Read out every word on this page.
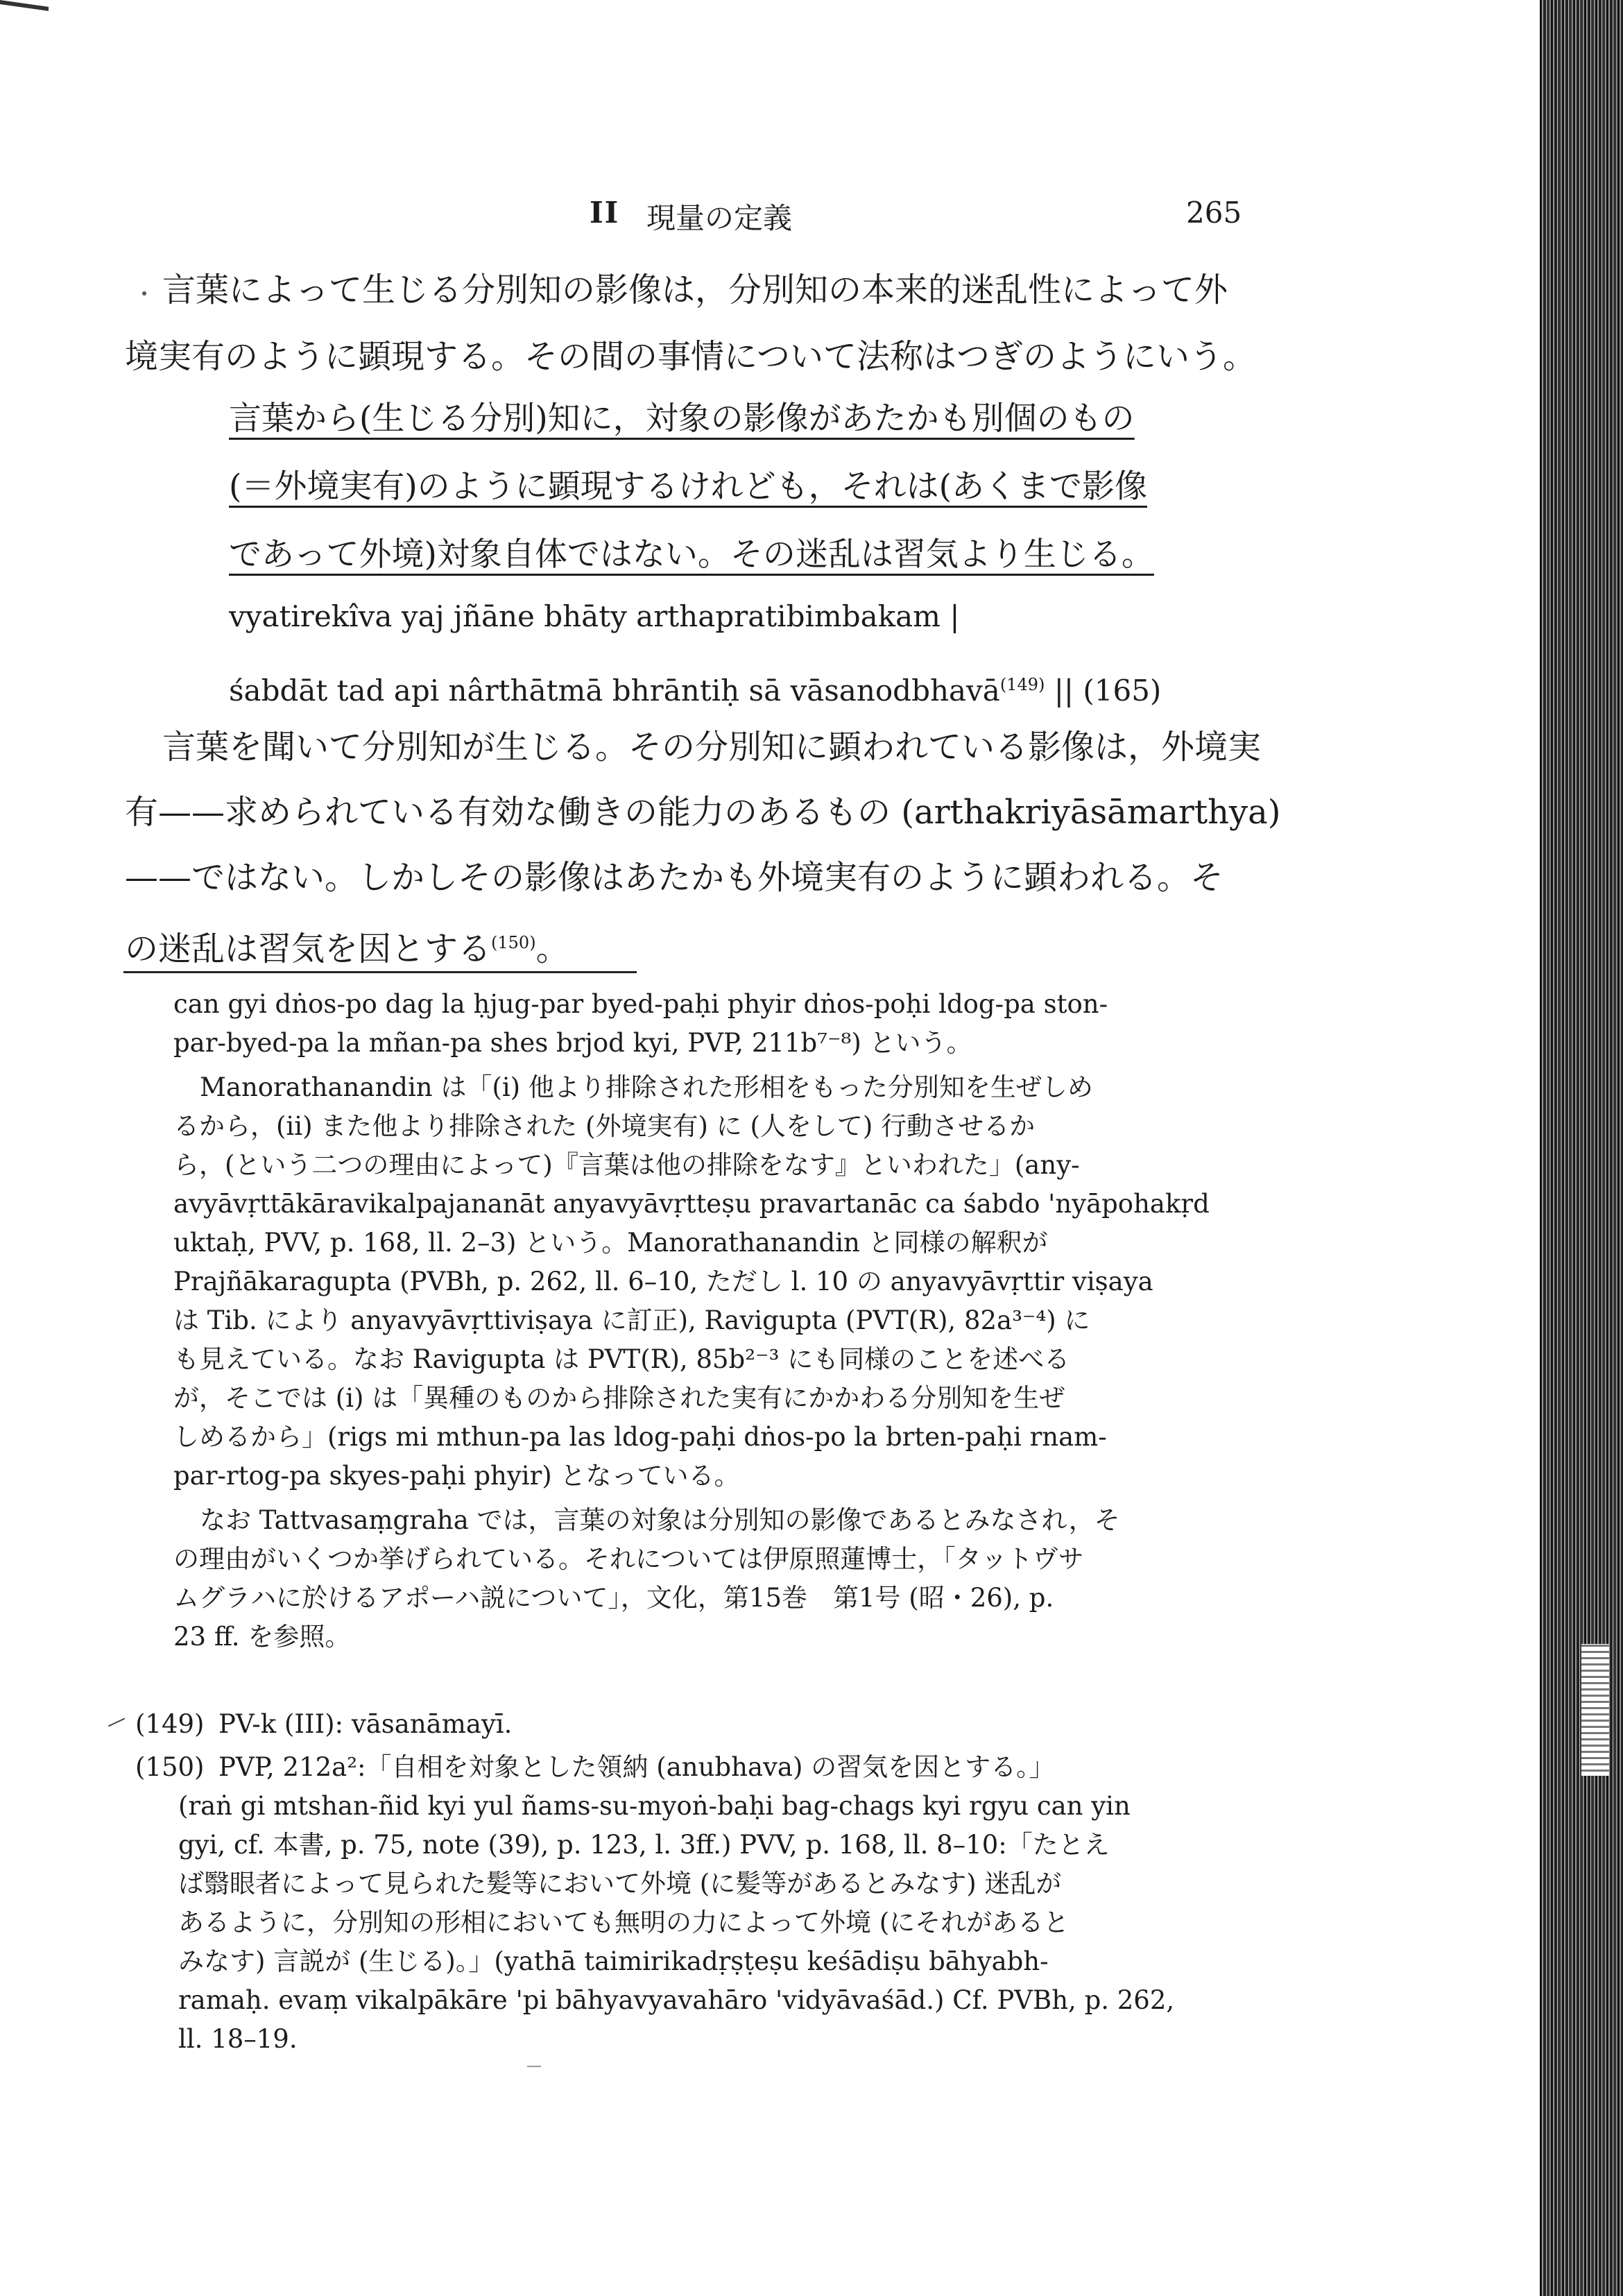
II 現量の定義	265

言葉によって生じる分別知の影像は，分別知の本来的迷乱性によって外

境実有のように顕現する。その間の事情について法称はつぎのようにいう。

言葉から(生じる分別)知に，対象の影像があたかも別個のもの

(＝外境実有)のように顕現するけれども，それは(あくまで影像

であって外境)対象自体ではない。その迷乱は習気より生じる。

vyatirekîva yaj jñāne bhāty arthapratibimbakam |

śabdāt tad api nârthātmā bhrāntiḥ sā vāsanodbhavā$^{(149)}$ || (165)

言葉を聞いて分別知が生じる。その分別知に顕われている影像は，外境実

有——求められている有効な働きの能力のあるもの (arthakriyāsāmarthya)

——ではない。しかしその影像はあたかも外境実有のように顕われる。そ

の迷乱は習気を因とする$^{(150)}$。

can gyi dṅos-po dag la ḥjug-par byed-paḥi phyir dṅos-poḥi ldog-pa ston-

par-byed-pa la mñan-pa shes brjod kyi, PVP, 211b⁷⁻⁸) という。

Manorathanandin は「(i) 他より排除された形相をもった分別知を生ぜしめ

るから，(ii) また他より排除された (外境実有) に (人をして) 行動させるか

ら，(という二つの理由によって)『言葉は他の排除をなす』といわれた」(any-

avyāvṛttākāravikalpajananāt anyavyāvṛtteṣu pravartanāc ca śabdo 'nyāpohakṛd

uktaḥ, PVV, p. 168, ll. 2–3) という。Manorathanandin と同様の解釈が

Prajñākaragupta (PVBh, p. 262, ll. 6–10, ただし l. 10 の anyavyāvṛttir viṣaya

は Tib. により anyavyāvṛttiviṣaya に訂正), Ravigupta (PVT(R), 82a³⁻⁴) に

も見えている。なお Ravigupta は PVT(R), 85b²⁻³ にも同様のことを述べる

が，そこでは (i) は「異種のものから排除された実有にかかわる分別知を生ぜ

しめるから」(rigs mi mthun-pa las ldog-paḥi dṅos-po la brten-paḥi rnam-

par-rtog-pa skyes-paḥi phyir) となっている。

なお Tattvasaṃgraha では，言葉の対象は分別知の影像であるとみなされ，そ

の理由がいくつか挙げられている。それについては伊原照蓮博士，「タットヴサ

ムグラハに於けるアポーハ説について」，文化，第15巻　第1号 (昭・26), p.

23 ff. を参照。

(149) PV-k (III): vāsanāmayī.

(150) PVP, 212a²:「自相を対象とした領納 (anubhava) の習気を因とする。」

(raṅ gi mtshan-ñid kyi yul ñams-su-myoṅ-baḥi bag-chags kyi rgyu can yin

gyi, cf. 本書, p. 75, note (39), p. 123, l. 3ff.) PVV, p. 168, ll. 8–10:「たとえ

ば翳眼者によって見られた髪等において外境 (に髪等があるとみなす) 迷乱が

あるように，分別知の形相においても無明の力によって外境 (にそれがあると

みなす) 言説が (生じる)。」(yathā taimirikadṛṣṭeṣu keśādiṣu bāhyabh-

ramaḥ. evaṃ vikalpākāre 'pi bāhyavyavahāro 'vidyāvaśād.) Cf. PVBh, p. 262,

ll. 18–19.
